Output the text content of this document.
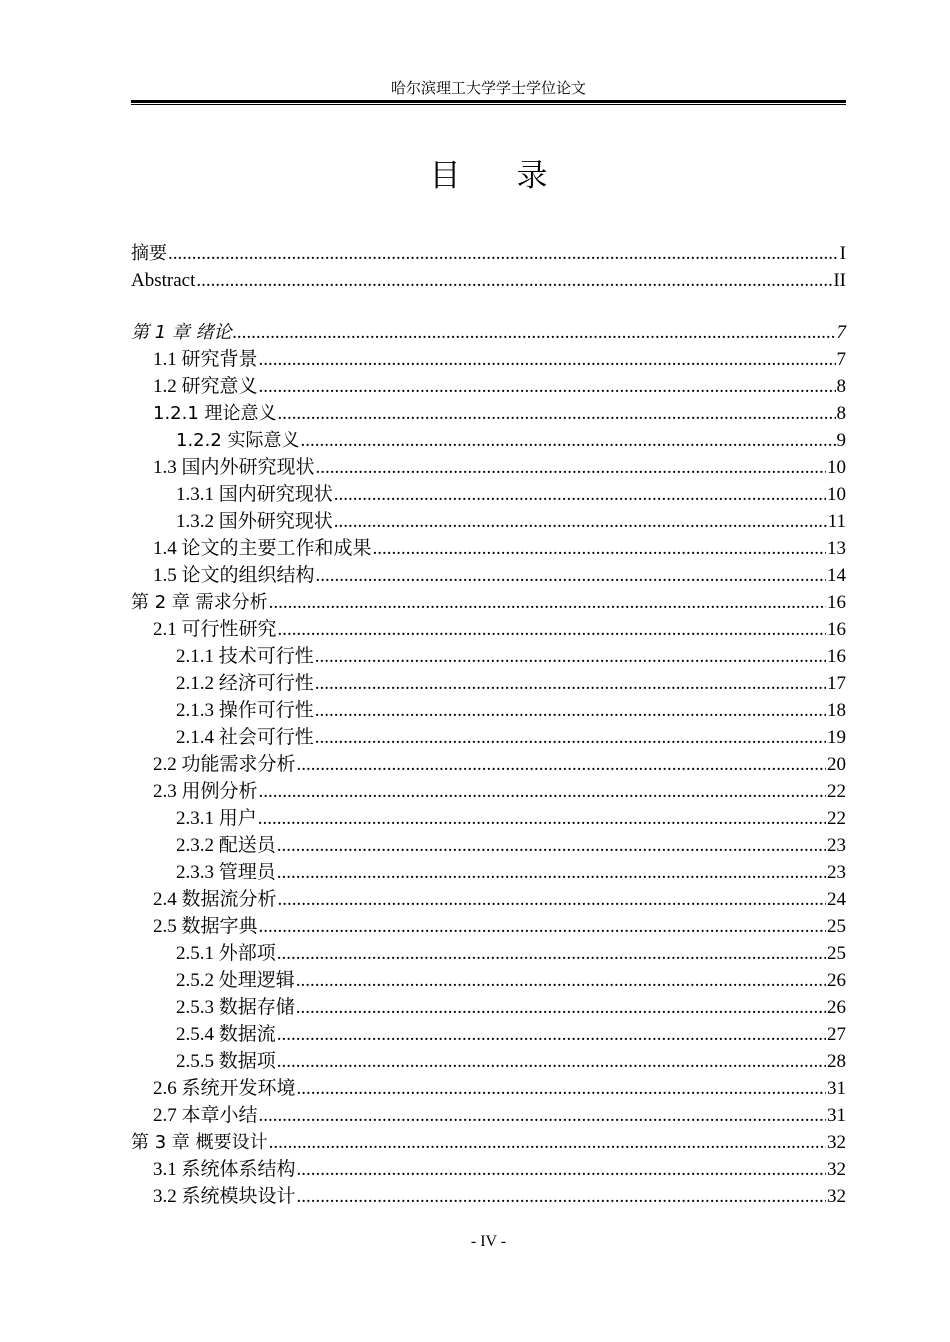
哈尔滨理工大学学士学位论文
目 录
摘要 .....	I
Abstract .....	II
第 1 章 绪论 .....	7
1.1 研究背景 .....	7
1.2 研究意义 .....	8
1.2.1 理论意义 .....	8
1.2.2 实际意义 .....	9
1.3 国内外研究现状 .....	10
1.3.1 国内研究现状 .....	10
1.3.2 国外研究现状 .....	11
1.4 论文的主要工作和成果 .....	13
1.5 论文的组织结构 .....	14
第 2 章 需求分析 .....	16
2.1 可行性研究 .....	16
2.1.1 技术可行性 .....	16
2.1.2 经济可行性 .....	17
2.1.3 操作可行性 .....	18
2.1.4 社会可行性 .....	19
2.2 功能需求分析 .....	20
2.3 用例分析 .....	22
2.3.1 用户 .....	22
2.3.2 配送员 .....	23
2.3.3 管理员 .....	23
2.4 数据流分析 .....	24
2.5 数据字典 .....	25
2.5.1 外部项 .....	25
2.5.2 处理逻辑 .....	26
2.5.3 数据存储 .....	26
2.5.4 数据流 .....	27
2.5.5 数据项 .....	28
2.6 系统开发环境 .....	31
2.7 本章小结 .....	31
第 3 章 概要设计 .....	32
3.1 系统体系结构 .....	32
3.2 系统模块设计 .....	32
- IV -
